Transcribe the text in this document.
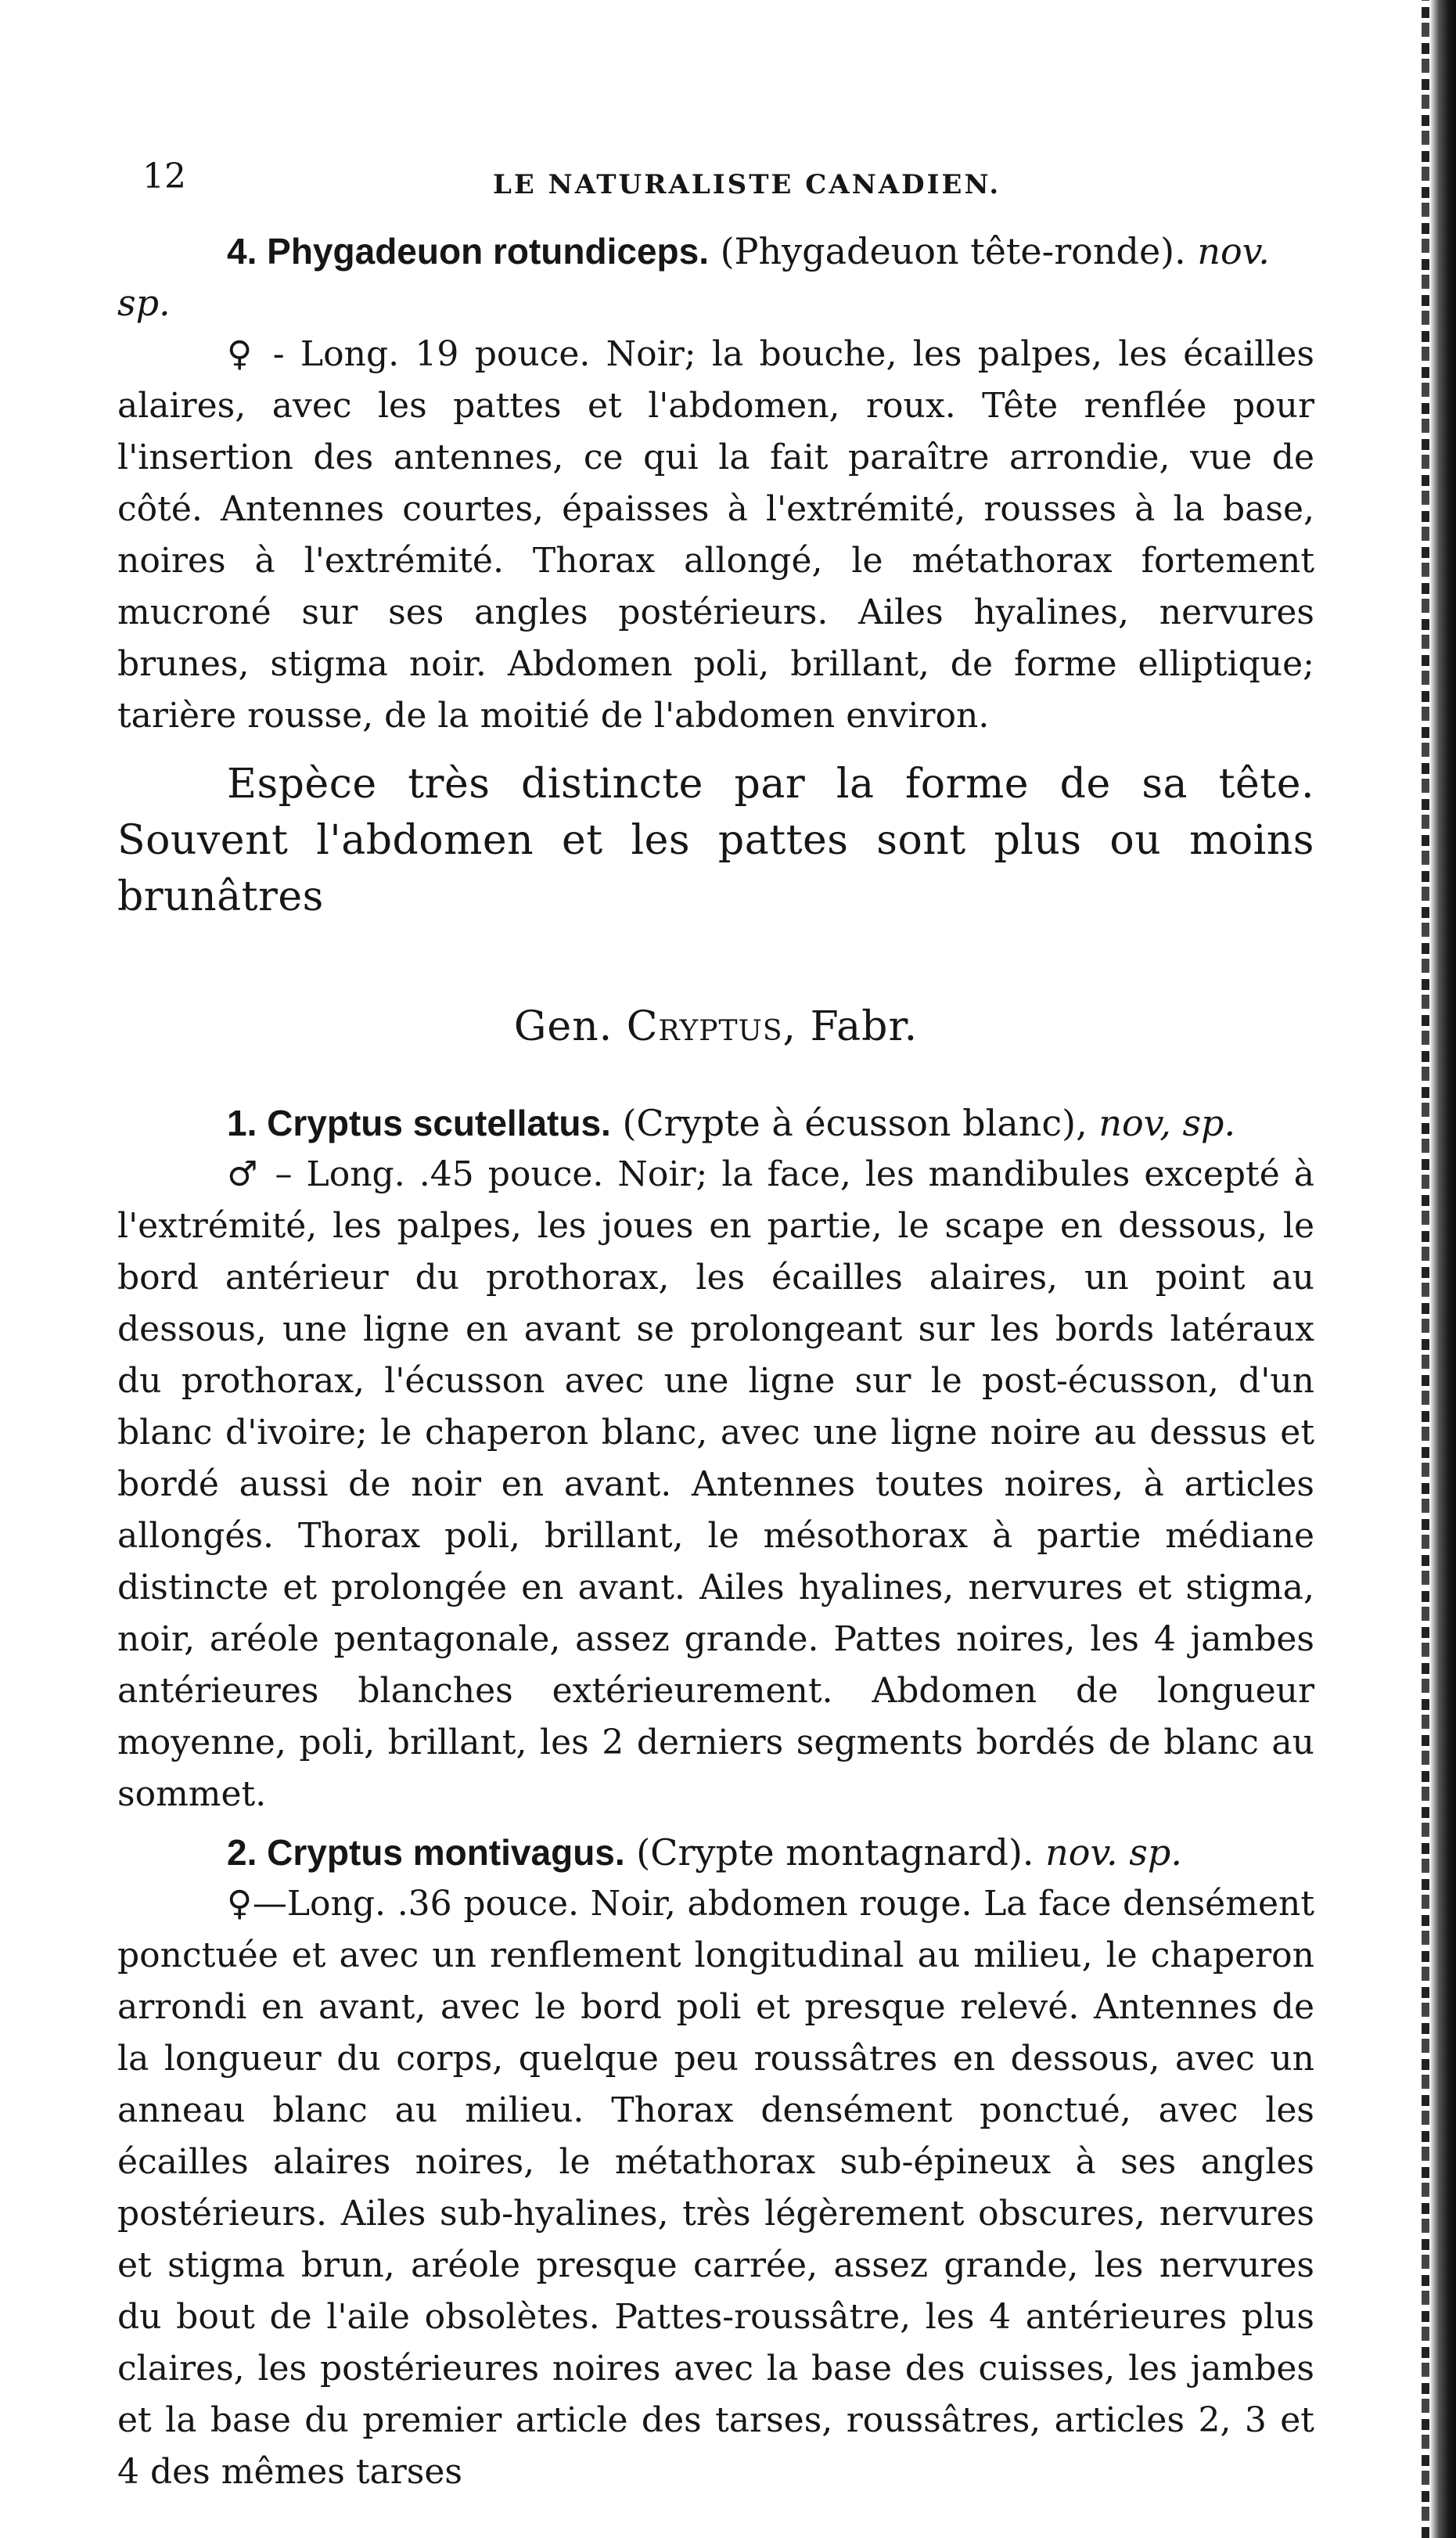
12	LE NATURALISTE CANADIEN.
4. Phygadeuon rotundiceps. (Phygadeuon tête-ronde). nov. sp.

♀ - Long. 19 pouce. Noir; la bouche, les palpes, les écailles alaires, avec les pattes et l'abdomen, roux. Tête renflée pour l'insertion des antennes, ce qui la fait paraître arrondie, vue de côté. Antennes courtes, épaisses à l'extrémité, rousses à la base, noires à l'extrémité. Thorax allongé, le métathorax fortement mucroné sur ses angles postérieurs. Ailes hyalines, nervures brunes, stigma noir. Abdomen poli, brillant, de forme elliptique; tarière rousse, de la moitié de l'abdomen environ.

Espèce très distincte par la forme de sa tête. Souvent l'abdomen et les pattes sont plus ou moins brunâtres

Gen. Cryptus, Fabr.
1. Cryptus scutellatus. (Crypte à écusson blanc), nov, sp.

♂ – Long. .45 pouce. Noir; la face, les mandibules excepté à l'extrémité, les palpes, les joues en partie, le scape en dessous, le bord antérieur du prothorax, les écailles alaires, un point au dessous, une ligne en avant se prolongeant sur les bords latéraux du prothorax, l'écusson avec une ligne sur le post-écusson, d'un blanc d'ivoire; le chaperon blanc, avec une ligne noire au dessus et bordé aussi de noir en avant. Antennes toutes noires, à articles allongés. Thorax poli, brillant, le mésothorax à partie médiane distincte et prolongée en avant. Ailes hyalines, nervures et stigma, noir, aréole pentagonale, assez grande. Pattes noires, les 4 jambes antérieures blanches extérieurement. Abdomen de longueur moyenne, poli, brillant, les 2 derniers segments bordés de blanc au sommet.

2. Cryptus montivagus. (Crypte montagnard). nov. sp.

♀—Long. .36 pouce. Noir, abdomen rouge. La face densément ponctuée et avec un renflement longitudinal au milieu, le chaperon arrondi en avant, avec le bord poli et presque relevé. Antennes de la longueur du corps, quelque peu roussâtres en dessous, avec un anneau blanc au milieu. Thorax densément ponctué, avec les écailles alaires noires, le métathorax sub-épineux à ses angles postérieurs. Ailes sub-hyalines, très légèrement obscures, nervures et stigma brun, aréole presque carrée, assez grande, les nervures du bout de l'aile obsolètes. Pattes-roussâtre, les 4 antérieures plus claires, les postérieures noires avec la base des cuisses, les jambes et la base du premier article des tarses, roussâtres, articles 2, 3 et 4 des mêmes tarses
